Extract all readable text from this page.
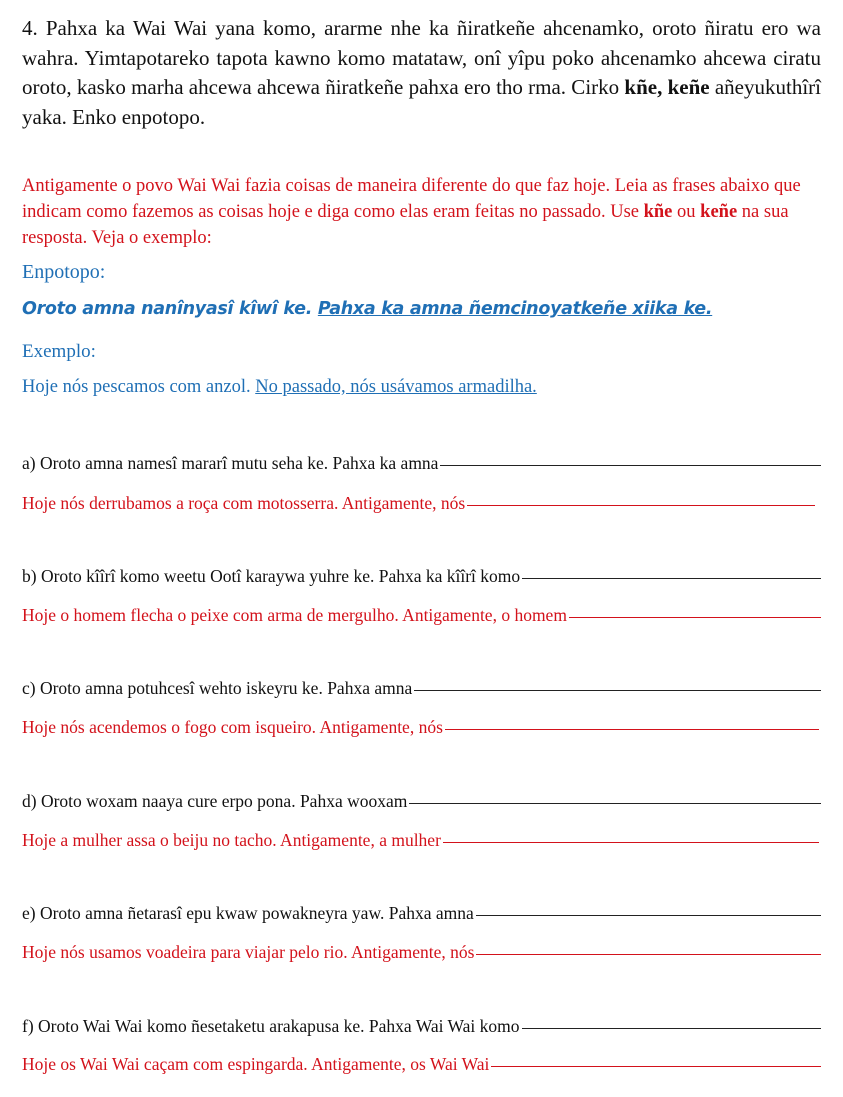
4. Pahxa ka Wai Wai yana komo, ararme nhe ka ñiratkeñe ahcenamko, oroto ñiratu ero wa wahra. Yimtapotareko tapota kawno komo matataw, onî yîpu poko ahcenamko ahcewa ciratu oroto, kasko marha ahcewa ahcewa ñiratkeñe pahxa ero tho rma. Cirko kñe, keñe añeyukuthîrî yaka. Enko enpotopo.
Antigamente o povo Wai Wai fazia coisas de maneira diferente do que faz hoje. Leia as frases abaixo que indicam como fazemos as coisas hoje e diga como elas eram feitas no passado. Use kñe ou keñe na sua resposta. Veja o exemplo:
Enpotopo:
Oroto amna nanînyasî kîwî ke. Pahxa ka amna ñemcinoyatkeñe xiika ke.
Exemplo:
Hoje nós pescamos com anzol. No passado, nós usávamos armadilha.
a) Oroto amna namesî mararî mutu seha ke. Pahxa ka amna
Hoje nós derrubamos a roça com motosserra. Antigamente, nós
b) Oroto kîîrî komo weetu Ootî karaywa yuhre ke. Pahxa ka kîîrî komo
Hoje o homem flecha o peixe com arma de mergulho. Antigamente, o homem
c) Oroto amna potuhcesî wehto iskeyru ke. Pahxa amna
Hoje nós acendemos o fogo com isqueiro. Antigamente, nós
d) Oroto woxam naaya cure erpo pona. Pahxa wooxam
Hoje a mulher assa o beiju no tacho. Antigamente, a mulher
e) Oroto amna ñetarasî epu kwaw powakneyra yaw. Pahxa amna
Hoje nós usamos voadeira para viajar pelo rio. Antigamente, nós
f) Oroto Wai Wai komo ñesetaketu arakapusa ke. Pahxa Wai Wai komo
Hoje os Wai Wai caçam com espingarda. Antigamente, os Wai Wai
